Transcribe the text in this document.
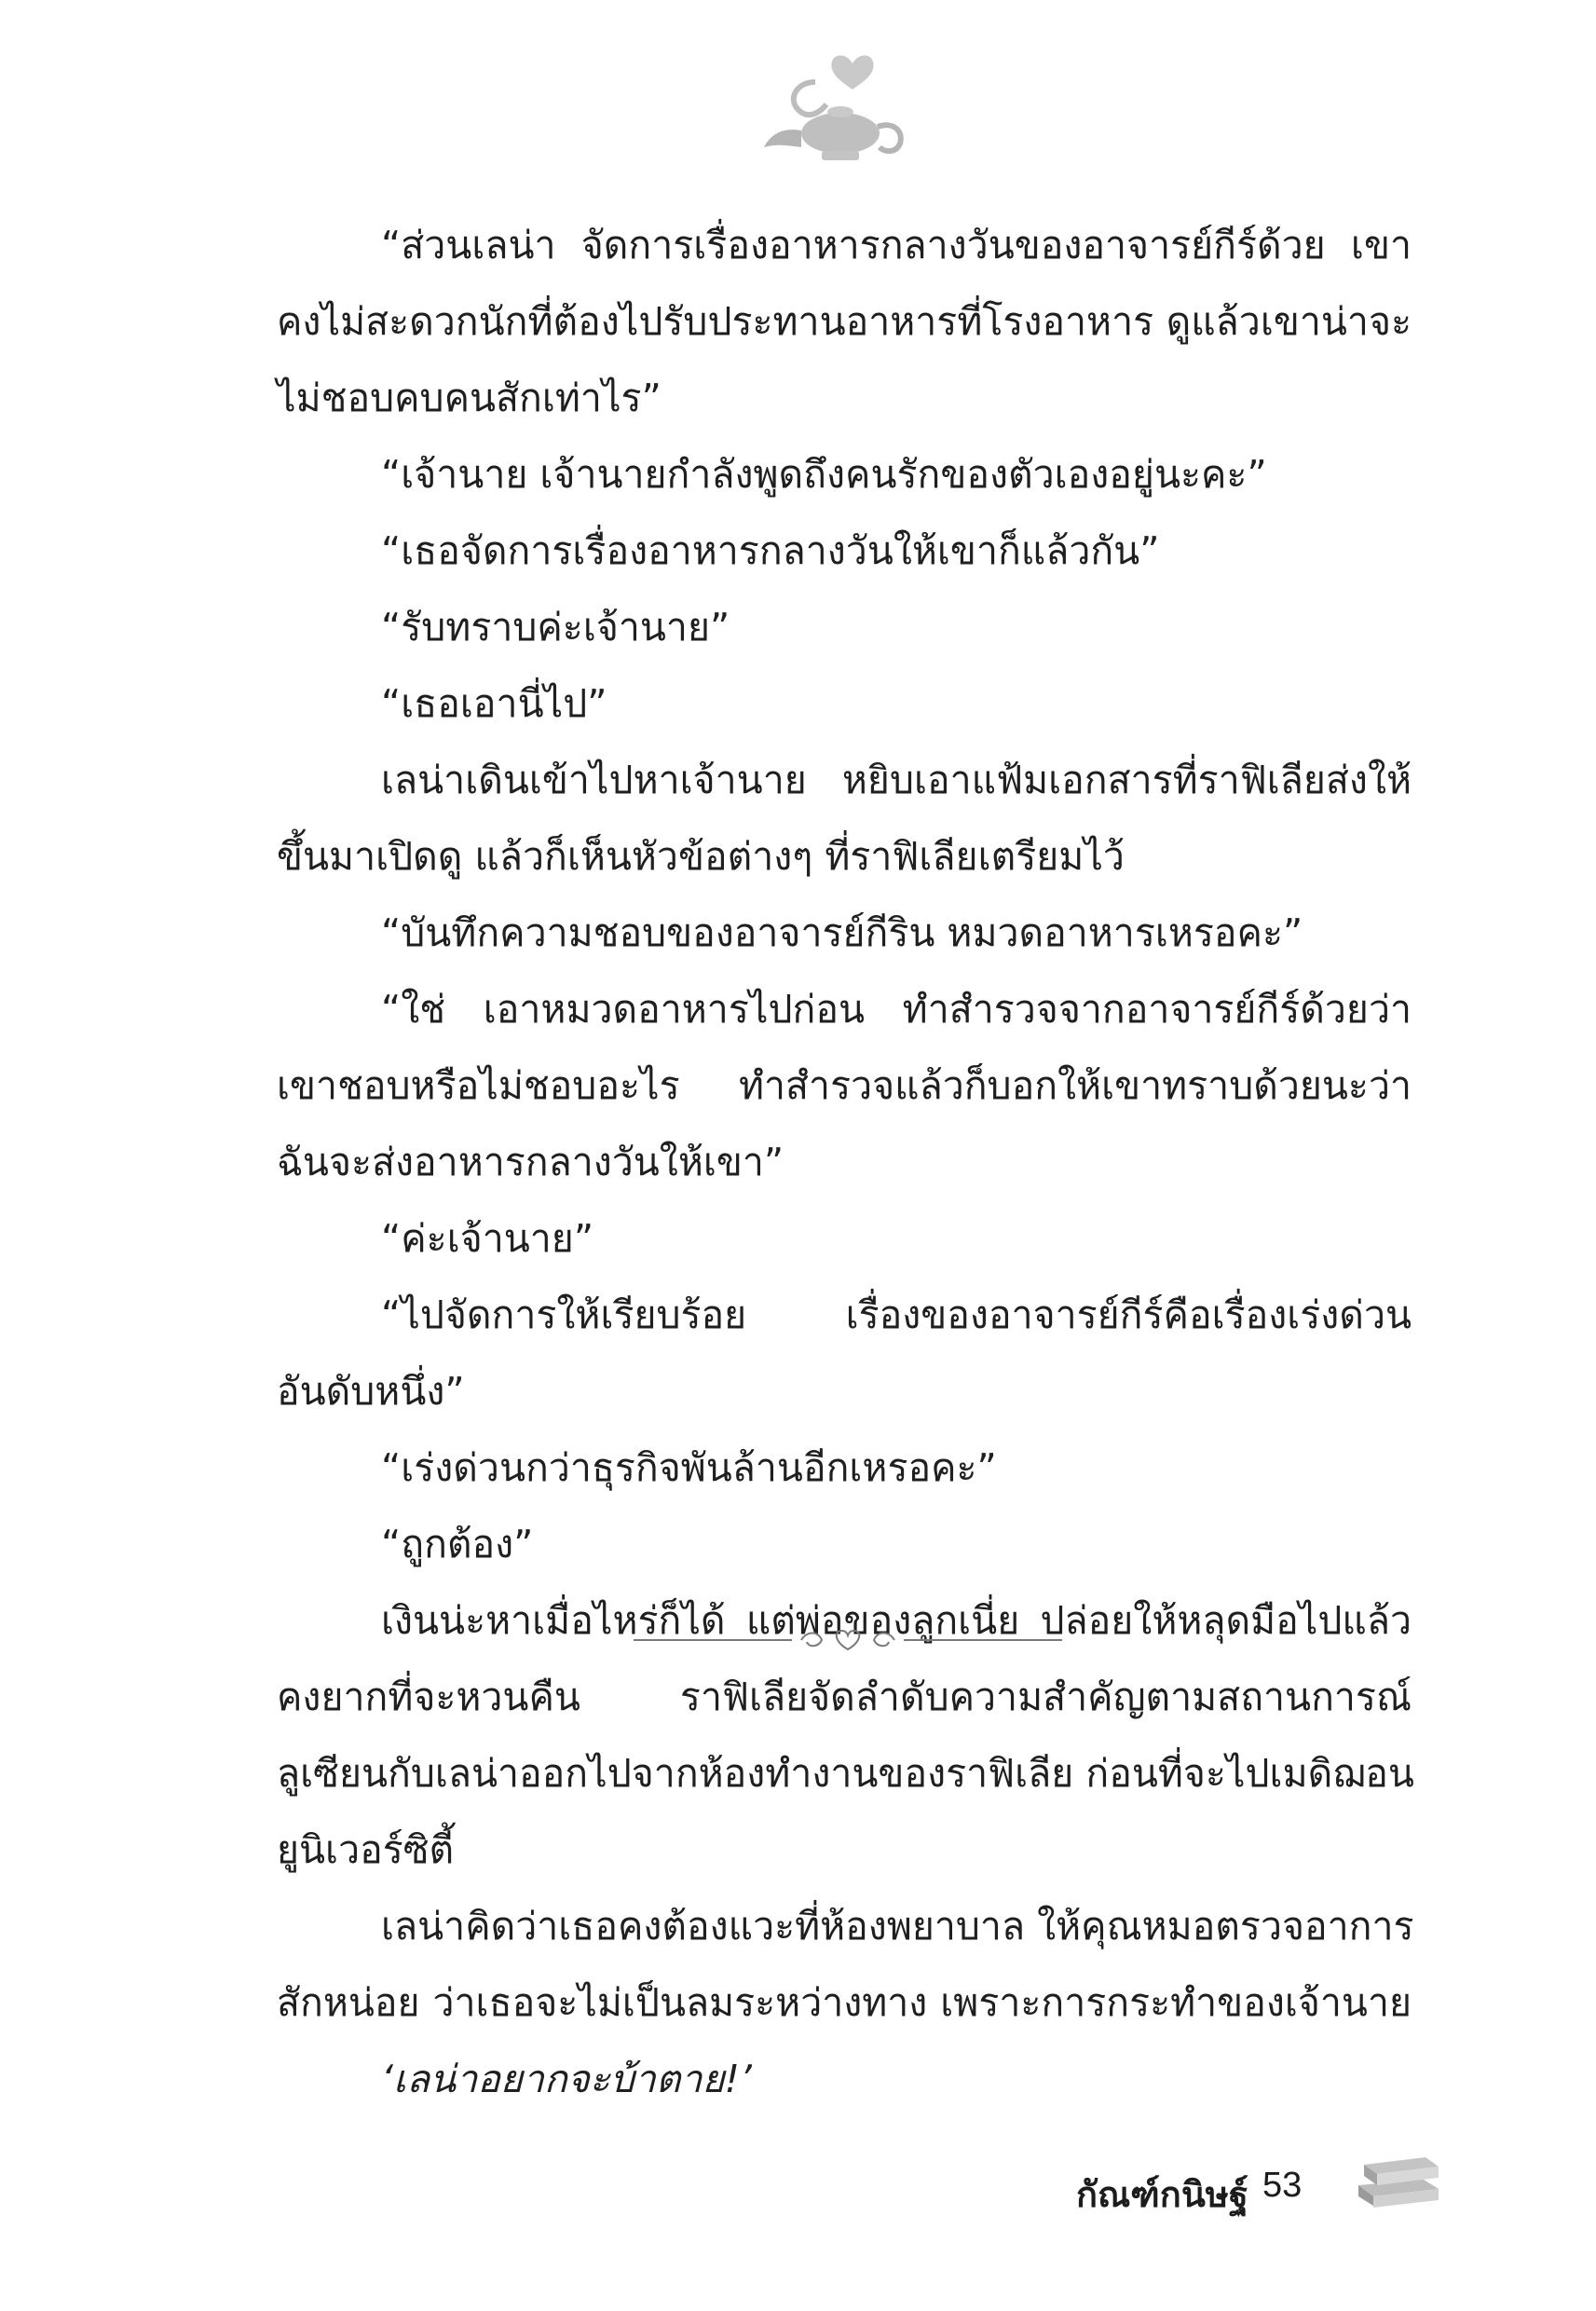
“ส่วนเลน่า จัดการเรื่องอาหารกลางวันของอาจารย์กีร์ด้วย เขา
คงไม่สะดวกนักที่ต้องไปรับประทานอาหารที่โรงอาหาร ดูแล้วเขาน่าจะ
ไม่ชอบคบคนสักเท่าไร”
“เจ้านาย เจ้านายกำลังพูดถึงคนรักของตัวเองอยู่นะคะ”
“เธอจัดการเรื่องอาหารกลางวันให้เขาก็แล้วกัน”
“รับทราบค่ะเจ้านาย”
“เธอเอานี่ไป”
เลน่าเดินเข้าไปหาเจ้านาย หยิบเอาแฟ้มเอกสารที่ราฟิเลียส่งให้
ขึ้นมาเปิดดู แล้วก็เห็นหัวข้อต่างๆ ที่ราฟิเลียเตรียมไว้
“บันทึกความชอบของอาจารย์กีริน หมวดอาหารเหรอคะ”
“ใช่ เอาหมวดอาหารไปก่อน ทำสำรวจจากอาจารย์กีร์ด้วยว่า
เขาชอบหรือไม่ชอบอะไร ทำสำรวจแล้วก็บอกให้เขาทราบด้วยนะว่า
ฉันจะส่งอาหารกลางวันให้เขา”
“ค่ะเจ้านาย”
“ไปจัดการให้เรียบร้อย เรื่องของอาจารย์กีร์คือเรื่องเร่งด่วน
อันดับหนึ่ง”
“เร่งด่วนกว่าธุรกิจพันล้านอีกเหรอคะ”
“ถูกต้อง”
เงินน่ะหาเมื่อไหร่ก็ได้ แต่พ่อของลูกเนี่ย ปล่อยให้หลุดมือไปแล้ว
คงยากที่จะหวนคืน ราฟิเลียจัดลำดับความสำคัญตามสถานการณ์
ลูเซียนกับเลน่าออกไปจากห้องทำงานของราฟิเลีย ก่อนที่จะไปเมดิฌอน
ยูนิเวอร์ซิตี้
เลน่าคิดว่าเธอคงต้องแวะที่ห้องพยาบาล ให้คุณหมอตรวจอาการ
สักหน่อย ว่าเธอจะไม่เป็นลมระหว่างทาง เพราะการกระทำของเจ้านาย
‘เลน่าอยากจะบ้าตาย!’
กัณฑ์กนิษฐ์ 53
